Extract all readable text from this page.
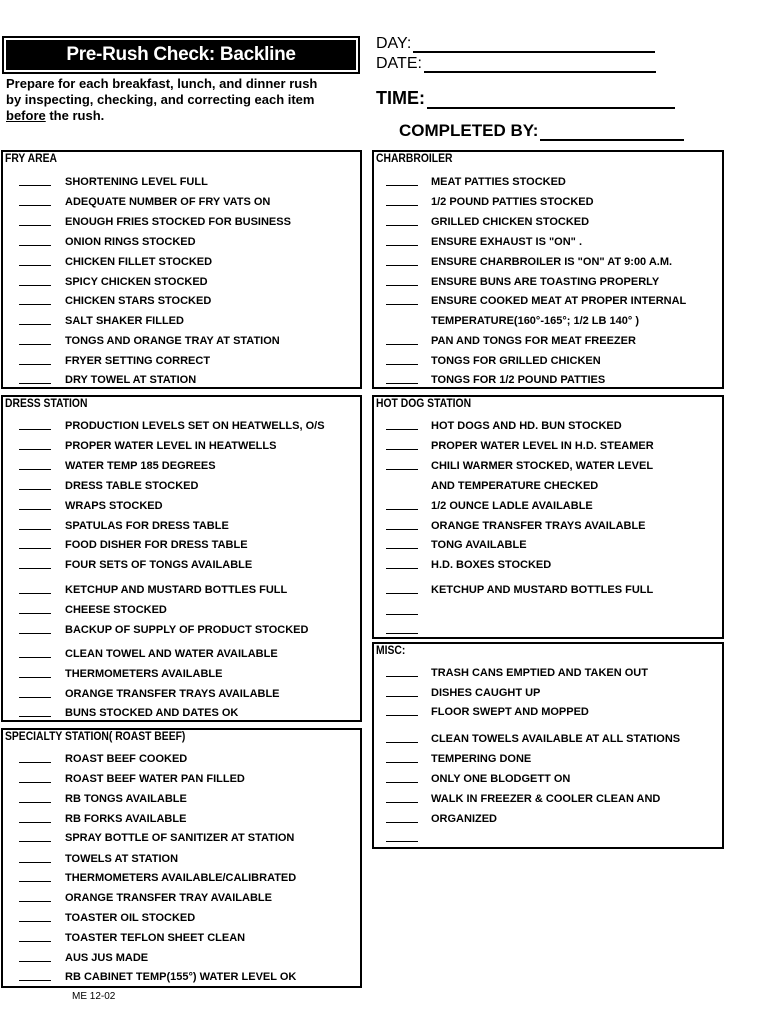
Pre-Rush Check: Backline
Prepare for each breakfast, lunch, and dinner rush by inspecting, checking, and correcting each item before the rush.
DAY:
DATE:
TIME:
COMPLETED BY:
FRY AREA
SHORTENING LEVEL FULL
ADEQUATE NUMBER OF FRY VATS ON
ENOUGH FRIES STOCKED FOR BUSINESS
ONION RINGS STOCKED
CHICKEN FILLET STOCKED
SPICY CHICKEN STOCKED
CHICKEN STARS STOCKED
SALT SHAKER FILLED
TONGS AND ORANGE TRAY AT STATION
FRYER SETTING CORRECT
DRY TOWEL AT STATION
CHARBROILER
MEAT PATTIES STOCKED
1/2 POUND PATTIES STOCKED
GRILLED CHICKEN STOCKED
ENSURE EXHAUST IS "ON" .
ENSURE CHARBROILER IS "ON" AT 9:00 A.M.
ENSURE BUNS ARE TOASTING PROPERLY
ENSURE COOKED MEAT AT PROPER INTERNAL
TEMPERATURE(160°-165°; 1/2 LB 140° )
PAN AND TONGS FOR MEAT FREEZER
TONGS FOR GRILLED CHICKEN
TONGS FOR 1/2 POUND PATTIES
DRESS STATION
PRODUCTION LEVELS SET ON HEATWELLS, O/S
PROPER WATER LEVEL IN HEATWELLS
WATER TEMP 185 DEGREES
DRESS TABLE STOCKED
WRAPS STOCKED
SPATULAS FOR DRESS TABLE
FOOD DISHER FOR DRESS TABLE
FOUR SETS OF TONGS AVAILABLE
KETCHUP AND MUSTARD BOTTLES FULL
CHEESE STOCKED
BACKUP OF SUPPLY OF PRODUCT STOCKED
CLEAN TOWEL AND WATER AVAILABLE
THERMOMETERS AVAILABLE
ORANGE TRANSFER TRAYS AVAILABLE
BUNS STOCKED AND DATES OK
HOT DOG STATION
HOT DOGS AND HD. BUN STOCKED
PROPER WATER LEVEL IN H.D. STEAMER
CHILI WARMER STOCKED, WATER LEVEL
AND TEMPERATURE CHECKED
1/2 OUNCE LADLE AVAILABLE
ORANGE TRANSFER TRAYS AVAILABLE
TONG AVAILABLE
H.D. BOXES STOCKED
KETCHUP AND MUSTARD BOTTLES FULL
MISC:
TRASH CANS EMPTIED AND TAKEN OUT
DISHES CAUGHT UP
FLOOR SWEPT AND MOPPED
CLEAN TOWELS AVAILABLE AT ALL STATIONS
TEMPERING DONE
ONLY ONE BLODGETT ON
WALK IN FREEZER & COOLER CLEAN AND
ORGANIZED
SPECIALTY STATION( ROAST BEEF)
ROAST BEEF COOKED
ROAST BEEF WATER PAN FILLED
RB TONGS AVAILABLE
RB FORKS AVAILABLE
SPRAY BOTTLE OF SANITIZER AT STATION
TOWELS AT STATION
THERMOMETERS AVAILABLE/CALIBRATED
ORANGE TRANSFER TRAY AVAILABLE
TOASTER OIL STOCKED
TOASTER TEFLON SHEET CLEAN
AUS JUS MADE
RB CABINET TEMP(155°) WATER LEVEL OK
ME 12-02
